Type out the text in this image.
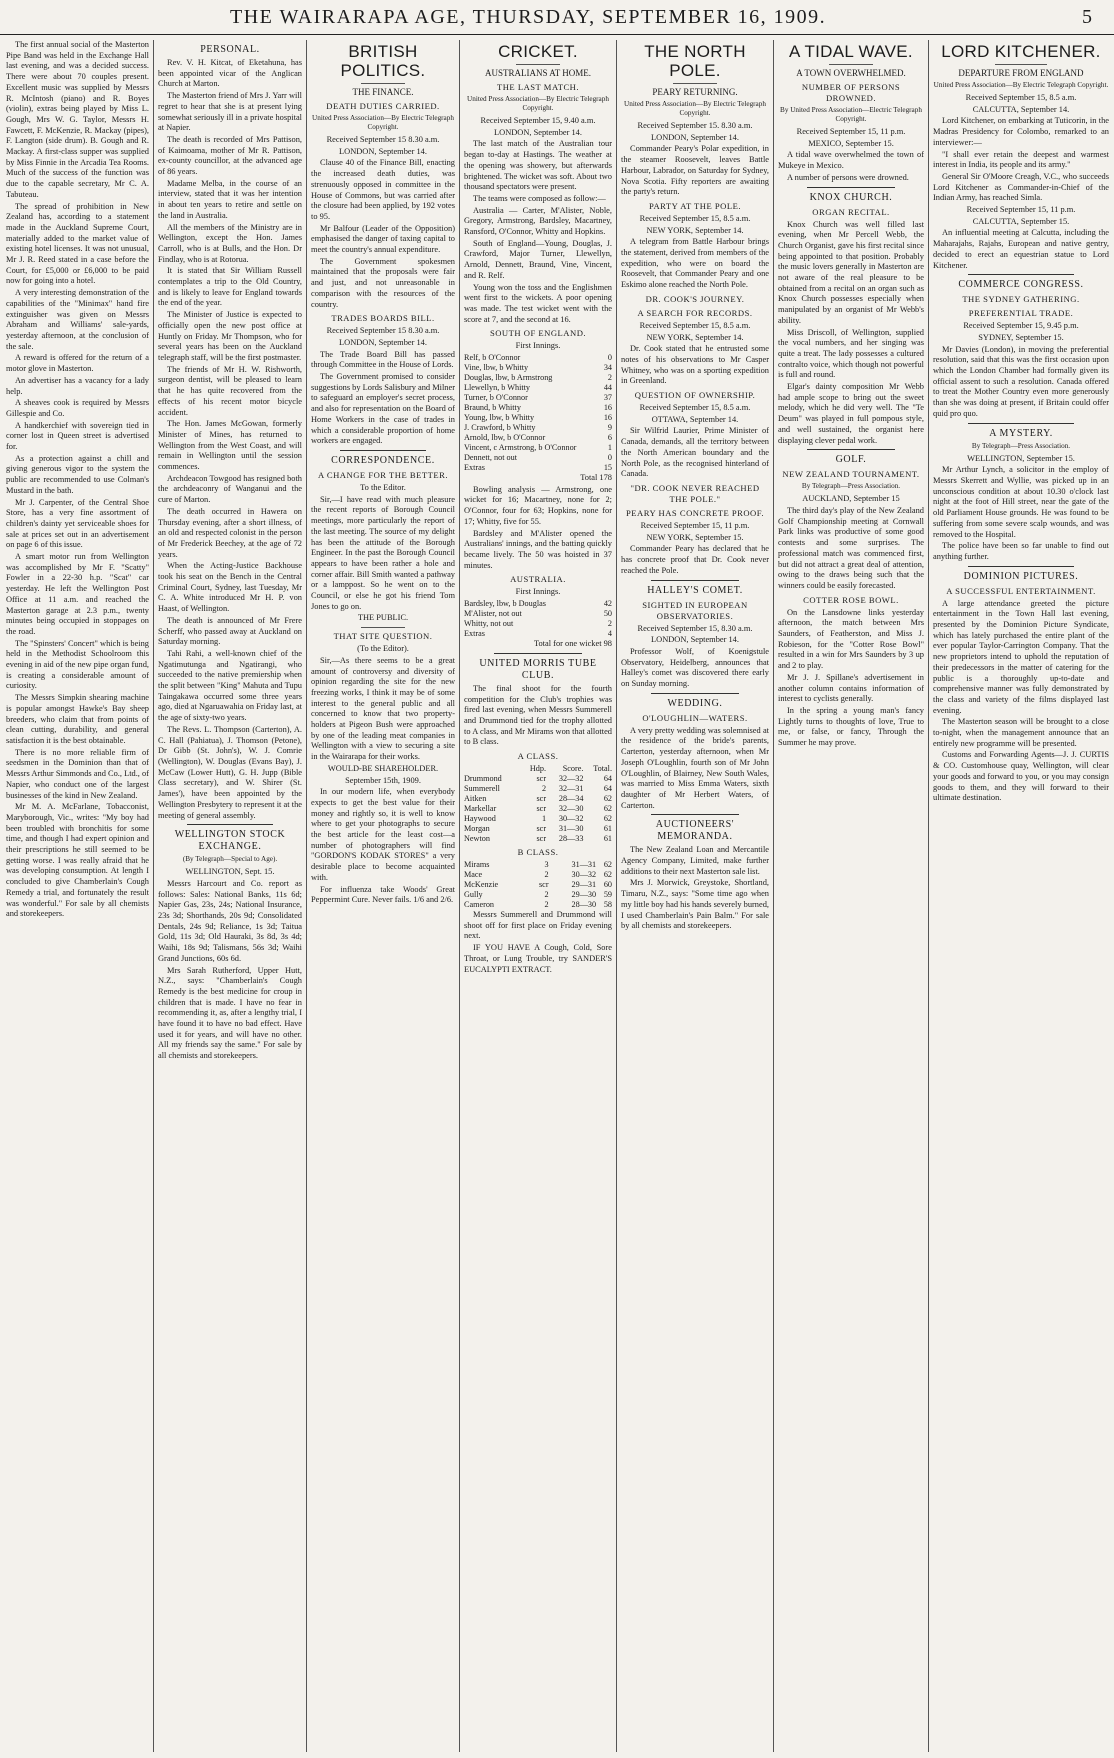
THE WAIRARAPA AGE, THURSDAY, SEPTEMBER 16, 1909.	5

The first annual social of the Masterton Pipe Band was held in the Exchange Hall last evening, and was a decided success. There were about 70 couples present. Excellent music was supplied by Messrs R. McIntosh (piano) and R. Boyes (violin), extras being played by Miss L. Gough, Mrs W. G. Taylor, Messrs H. Fawcett, F. McKenzie, R. Mackay (pipes), F. Langton (side drum). B. Gough and R. Mackay. A first-class supper was supplied by Miss Finnie in the Arcadia Tea Rooms. Much of the success of the function was due to the capable secretary, Mr C. A. Tabuteau.

The spread of prohibition in New Zealand has, according to a statement made in the Auckland Supreme Court, materially added to the market value of existing hotel licenses. It was not unusual, Mr J. R. Reed stated in a case before the Court, for £5,000 or £6,000 to be paid now for going into a hotel.

A very interesting demonstration of the capabilities of the "Minimax" hand fire extinguisher was given on Messrs Abraham and Williams' sale-yards, yesterday afternoon, at the conclusion of the sale.

A reward is offered for the return of a motor glove in Masterton.

An advertiser has a vacancy for a lady help.

A sheaves cook is required by Messrs Gillespie and Co.

A handkerchief with sovereign tied in corner lost in Queen street is advertised for.

As a protection against a chill and giving generous vigor to the system the public are recommended to use Colman's Mustard in the bath.

Mr J. Carpenter, of the Central Shoe Store, has a very fine assortment of children's dainty yet serviceable shoes for sale at prices set out in an advertisement on page 6 of this issue.

A smart motor run from Wellington was accomplished by Mr F. "Scatty" Fowler in a 22-30 h.p. "Scat" car yesterday. He left the Wellington Post Office at 11 a.m. and reached the Masterton garage at 2.3 p.m., twenty minutes being occupied in stoppages on the road.

The "Spinsters' Concert" which is being held in the Methodist Schoolroom this evening in aid of the new pipe organ fund, is creating a considerable amount of curiosity.

The Messrs Simpkin shearing machine is popular amongst Hawke's Bay sheep breeders, who claim that from points of clean cutting, durability, and general satisfaction it is the best obtainable.

There is no more reliable firm of seedsmen in the Dominion than that of Messrs Arthur Simmonds and Co., Ltd., of Napier, who conduct one of the largest businesses of the kind in New Zealand.

Mr M. A. McFarlane, Tobacconist, Maryborough, Vic., writes: "My boy had been troubled with bronchitis for some time, and though I had expert opinion and their prescriptions he still seemed to be getting worse. I was really afraid that he was developing consumption. At length I concluded to give Chamberlain's Cough Remedy a trial, and fortunately the result was wonderful." For sale by all chemists and storekeepers.

PERSONAL.

Rev. V. H. Kitcat, of Eketahuna, has been appointed vicar of the Anglican Church at Marton.

The Masterton friend of Mrs J. Yarr will regret to hear that she is at present lying somewhat seriously ill in a private hospital at Napier.

The death is recorded of Mrs Pattison, of Kaimoama, mother of Mr R. Pattison, ex-county councillor, at the advanced age of 86 years.

Madame Melba, in the course of an interview, stated that it was her intention in about ten years to retire and settle on the land in Australia.

All the members of the Ministry are in Wellington, except the Hon. James Carroll, who is at Bulls, and the Hon. Dr Findlay, who is at Rotorua.

It is stated that Sir William Russell contemplates a trip to the Old Country, and is likely to leave for England towards the end of the year.

The Minister of Justice is expected to officially open the new post office at Huntly on Friday. Mr Thompson, who for several years has been on the Auckland telegraph staff, will be the first postmaster.

The friends of Mr H. W. Rishworth, surgeon dentist, will be pleased to learn that he has quite recovered from the effects of his recent motor bicycle accident.

The Hon. James McGowan, formerly Minister of Mines, has returned to Wellington from the West Coast, and will remain in Wellington until the session commences.

Archdeacon Towgood has resigned both the archdeaconry of Wanganui and the cure of Marton.

The death occurred in Hawera on Thursday evening, after a short illness, of an old and respected colonist in the person of Mr Frederick Beechey, at the age of 72 years.

When the Acting-Justice Backhouse took his seat on the Bench in the Central Criminal Court, Sydney, last Tuesday, Mr C. A. White introduced Mr H. P. von Haast, of Wellington.

The death is announced of Mr Frere Scherff, who passed away at Auckland on Saturday morning.

Tahi Rahi, a well-known chief of the Ngatimutunga and Ngatirangi, who succeeded to the native premiership when the split between "King" Mahuta and Tupu Taingakawa occurred some three years ago, died at Ngaruawahia on Friday last, at the age of sixty-two years.

The Revs. L. Thompson (Carterton), A. C. Hall (Pahiatua), J. Thomson (Petone), Dr Gibb (St. John's), W. J. Comrie (Wellington), W. Douglas (Evans Bay), J. McCaw (Lower Hutt), G. H. Jupp (Bible Class secretary), and W. Shirer (St. James'), have been appointed by the Wellington Presbytery to represent it at the meeting of general assembly.

WELLINGTON STOCK EXCHANGE.
(By Telegraph—Special to Age).

WELLINGTON, Sept. 15.

Messrs Harcourt and Co. report as follows: Sales: National Banks, 11s 6d; Napier Gas, 23s, 24s; National Insurance, 23s 3d; Shorthands, 20s 9d; Consolidated Dentals, 24s 9d; Reliance, 1s 3d; Taitua Gold, 11s 3d; Old Hauraki, 3s 8d, 3s 4d; Waihi, 18s 9d; Talismans, 56s 3d; Waihi Grand Junctions, 60s 6d.

Mrs Sarah Rutherford, Upper Hutt, N.Z., says: "Chamberlain's Cough Remedy is the best medicine for croup in children that is made. I have no fear in recommending it, as, after a lengthy trial, I have found it to have no bad effect. Have used it for years, and will have no other. All my friends say the same." For sale by all chemists and storekeepers.

BRITISH POLITICS.
THE FINANCE.
DEATH DUTIES CARRIED.
United Press Association—By Electric Telegraph Copyright.

Received September 15 8.30 a.m.

LONDON, September 14.

Clause 40 of the Finance Bill, enacting the increased death duties, was strenuously opposed in committee in the House of Commons, but was carried after the closure had been applied, by 192 votes to 95.

Mr Balfour (Leader of the Opposition) emphasised the danger of taxing capital to meet the country's annual expenditure.

The Government spokesmen maintained that the proposals were fair and just, and not unreasonable in comparison with the resources of the country.

TRADES BOARDS BILL.

Received September 15 8.30 a.m.

LONDON, September 14.

The Trade Board Bill has passed through Committee in the House of Lords.

The Government promised to consider suggestions by Lords Salisbury and Milner to safeguard an employer's secret process, and also for representation on the Board of Home Workers in the case of trades in which a considerable proportion of home workers are engaged.

CORRESPONDENCE.
A CHANGE FOR THE BETTER.

To the Editor.

Sir,—I have read with much pleasure the recent reports of Borough Council meetings, more particularly the report of the last meeting. The source of my delight has been the attitude of the Borough Engineer. In the past the Borough Council appears to have been rather a hole and corner affair. Bill Smith wanted a pathway or a lamppost. So he went on to the Council, or else he got his friend Tom Jones to go on.

THE PUBLIC.

THAT SITE QUESTION.

(To the Editor).

Sir,—As there seems to be a great amount of controversy and diversity of opinion regarding the site for the new freezing works, I think it may be of some interest to the general public and all concerned to know that two property-holders at Pigeon Bush were approached by one of the leading meat companies in Wellington with a view to securing a site in the Wairarapa for their works.

WOULD-BE SHAREHOLDER.

September 15th, 1909.

In our modern life, when everybody expects to get the best value for their money and rightly so, it is well to know where to get your photographs to secure the best article for the least cost—a number of photographers will find "GORDON'S KODAK STORES" a very desirable place to become acquainted with.

For influenza take Woods' Great Peppermint Cure. Never fails. 1/6 and 2/6.

CRICKET.
AUSTRALIANS AT HOME.
THE LAST MATCH.
United Press Association—By Electric Telegraph Copyright.

Received September 15, 9.40 a.m.

LONDON, September 14.

The last match of the Australian tour began to-day at Hastings. The weather at the opening was showery, but afterwards brightened. The wicket was soft. About two thousand spectators were present.

The teams were composed as follow:—

Australia — Carter, M'Alister, Noble, Gregory, Armstrong, Bardsley, Macartney, Ransford, O'Connor, Whitty and Hopkins.

South of England—Young, Douglas, J. Crawford, Major Turner, Llewellyn, Arnold, Dennett, Braund, Vine, Vincent, and R. Relf.

Young won the toss and the Englishmen went first to the wickets. A poor opening was made. The test wicket went with the score at 7, and the second at 16.

SOUTH OF ENGLAND.

First Innings.

Relf, b O'Connor	0
Vine, lbw, b Whitty	34
Douglas, lbw, b Armstrong	2
Llewellyn, b Whitty	44
Turner, b O'Connor	37
Braund, b Whitty	16
Young, lbw, b Whitty	16
J. Crawford, b Whitty	9
Arnold, lbw, b O'Connor	6
Vincent, c Armstrong, b O'Connor	1
Dennett, not out	0
Extras	15

Total 178

Bowling analysis — Armstrong, one wicket for 16; Macartney, none for 2; O'Connor, four for 63; Hopkins, none for 17; Whitty, five for 55.

Bardsley and M'Alister opened the Australians' innings, and the batting quickly became lively. The 50 was hoisted in 37 minutes.

AUSTRALIA.

First Innings.

Bardsley, lbw, b Douglas	42
M'Alister, not out	50
Whitty, not out	2
Extras	4

Total for one wicket 98

UNITED MORRIS TUBE CLUB.

The final shoot for the fourth competition for the Club's trophies was fired last evening, when Messrs Summerell and Drummond tied for the trophy allotted to A class, and Mr Mirams won that allotted to B class.

A CLASS.
	Hdp.	Score.	Total.
Drummond	scr	32—32	64
Summerell	2	32—31	64
Aitken	scr	28—34	62
Markellar	scr	32—30	62
Haywood	1	30—32	62
Morgan	scr	31—30	61
Newton	scr	28—33	61
B CLASS.
Mirams	3	31—31	62
Mace	2	30—32	62
McKenzie	scr	29—31	60
Gully	2	29—30	59
Cameron	2	28—30	58

Messrs Summerell and Drummond will shoot off for first place on Friday evening next.

IF YOU HAVE A Cough, Cold, Sore Throat, or Lung Trouble, try SANDER'S EUCALYPTI EXTRACT.

THE NORTH POLE.
PEARY RETURNING.
United Press Association—By Electric Telegraph Copyright.

Received September 15. 8.30 a.m.

LONDON, September 14.

Commander Peary's Polar expedition, in the steamer Roosevelt, leaves Battle Harbour, Labrador, on Saturday for Sydney, Nova Scotia. Fifty reporters are awaiting the party's return.

PARTY AT THE POLE.

Received September 15, 8.5 a.m.

NEW YORK, September 14.

A telegram from Battle Harbour brings the statement, derived from members of the expedition, who were on board the Roosevelt, that Commander Peary and one Eskimo alone reached the North Pole.

DR. COOK'S JOURNEY.
A SEARCH FOR RECORDS.

Received September 15, 8.5 a.m.

NEW YORK, September 14.

Dr. Cook stated that he entrusted some notes of his observations to Mr Casper Whitney, who was on a sporting expedition in Greenland.

QUESTION OF OWNERSHIP.

Received September 15, 8.5 a.m.

OTTAWA, September 14.

Sir Wilfrid Laurier, Prime Minister of Canada, demands, all the territory between the North American boundary and the North Pole, as the recognised hinterland of Canada.

"DR. COOK NEVER REACHED THE POLE."
PEARY HAS CONCRETE PROOF.

Received September 15, 11 p.m.

NEW YORK, September 15.

Commander Peary has declared that he has concrete proof that Dr. Cook never reached the Pole.

HALLEY'S COMET.
SIGHTED IN EUROPEAN OBSERVATORIES.

Received September 15, 8.30 a.m.

LONDON, September 14.

Professor Wolf, of Koenigstule Observatory, Heidelberg, announces that Halley's comet was discovered there early on Sunday morning.

WEDDING.
O'LOUGHLIN—WATERS.

A very pretty wedding was solemnised at the residence of the bride's parents, Carterton, yesterday afternoon, when Mr Joseph O'Loughlin, fourth son of Mr John O'Loughlin, of Blairney, New South Wales, was married to Miss Emma Waters, sixth daughter of Mr Herbert Waters, of Carterton.

AUCTIONEERS' MEMORANDA.

The New Zealand Loan and Mercantile Agency Company, Limited, make further additions to their next Masterton sale list.

Mrs J. Morwick, Greystoke, Shortland, Timaru, N.Z., says: "Some time ago when my little boy had his hands severely burned, I used Chamberlain's Pain Balm." For sale by all chemists and storekeepers.

A TIDAL WAVE.
A TOWN OVERWHELMED.
NUMBER OF PERSONS DROWNED.
By United Press Association—Electric Telegraph Copyright.

Received September 15, 11 p.m.

MEXICO, September 15.

A tidal wave overwhelmed the town of Mukeye in Mexico.

A number of persons were drowned.

KNOX CHURCH.
ORGAN RECITAL.

Knox Church was well filled last evening, when Mr Percell Webb, the Church Organist, gave his first recital since being appointed to that position. Probably the music lovers generally in Masterton are not aware of the real pleasure to be obtained from a recital on an organ such as Knox Church possesses especially when manipulated by an organist of Mr Webb's ability.

Miss Driscoll, of Wellington, supplied the vocal numbers, and her singing was quite a treat. The lady possesses a cultured contralto voice, which though not powerful is full and round.

Elgar's dainty composition Mr Webb had ample scope to bring out the sweet melody, which he did very well. The "Te Deum" was played in full pompous style, and well sustained, the organist here displaying clever pedal work.

GOLF.
NEW ZEALAND TOURNAMENT.
By Telegraph—Press Association.

AUCKLAND, September 15

The third day's play of the New Zealand Golf Championship meeting at Cornwall Park links was productive of some good contests and some surprises. The professional match was commenced first, but did not attract a great deal of attention, owing to the draws being such that the winners could be easily forecasted.

COTTER ROSE BOWL.

On the Lansdowne links yesterday afternoon, the match between Mrs Saunders, of Featherston, and Miss J. Robieson, for the "Cotter Rose Bowl" resulted in a win for Mrs Saunders by 3 up and 2 to play.

Mr J. J. Spillane's advertisement in another column contains information of interest to cyclists generally.

In the spring a young man's fancy Lightly turns to thoughts of love, True to me, or false, or fancy, Through the Summer he may prove.

LORD KITCHENER.
DEPARTURE FROM ENGLAND
United Press Association—By Electric Telegraph Copyright.

Received September 15, 8.5 a.m.

CALCUTTA, September 14.

Lord Kitchener, on embarking at Tuticorin, in the Madras Presidency for Colombo, remarked to an interviewer:—

"I shall ever retain the deepest and warmest interest in India, its people and its army."

General Sir O'Moore Creagh, V.C., who succeeds Lord Kitchener as Commander-in-Chief of the Indian Army, has reached Simla.

Received September 15, 11 p.m.

CALCUTTA, September 15.

An influential meeting at Calcutta, including the Maharajahs, Rajahs, European and native gentry, decided to erect an equestrian statue to Lord Kitchener.

COMMERCE CONGRESS.
THE SYDNEY GATHERING.
PREFERENTIAL TRADE.

Received September 15, 9.45 p.m.

SYDNEY, September 15.

Mr Davies (London), in moving the preferential resolution, said that this was the first occasion upon which the London Chamber had formally given its official assent to such a resolution. Canada offered to treat the Mother Country even more generously than she was doing at present, if Britain could offer quid pro quo.

A MYSTERY.
By Telegraph—Press Association.

WELLINGTON, September 15.

Mr Arthur Lynch, a solicitor in the employ of Messrs Skerrett and Wyllie, was picked up in an unconscious condition at about 10.30 o'clock last night at the foot of Hill street, near the gate of the old Parliament House grounds. He was found to be suffering from some severe scalp wounds, and was removed to the Hospital.

The police have been so far unable to find out anything further.

DOMINION PICTURES.
A SUCCESSFUL ENTERTAINMENT.

A large attendance greeted the picture entertainment in the Town Hall last evening, presented by the Dominion Picture Syndicate, which has lately purchased the entire plant of the ever popular Taylor-Carrington Company. That the new proprietors intend to uphold the reputation of their predecessors in the matter of catering for the public is a thoroughly up-to-date and comprehensive manner was fully demonstrated by the class and variety of the films displayed last evening.

The Masterton season will be brought to a close to-night, when the management announce that an entirely new programme will be presented.

Customs and Forwarding Agents—J. J. CURTIS & CO. Customhouse quay, Wellington, will clear your goods and forward to you, or you may consign goods to them, and they will forward to their ultimate destination.
